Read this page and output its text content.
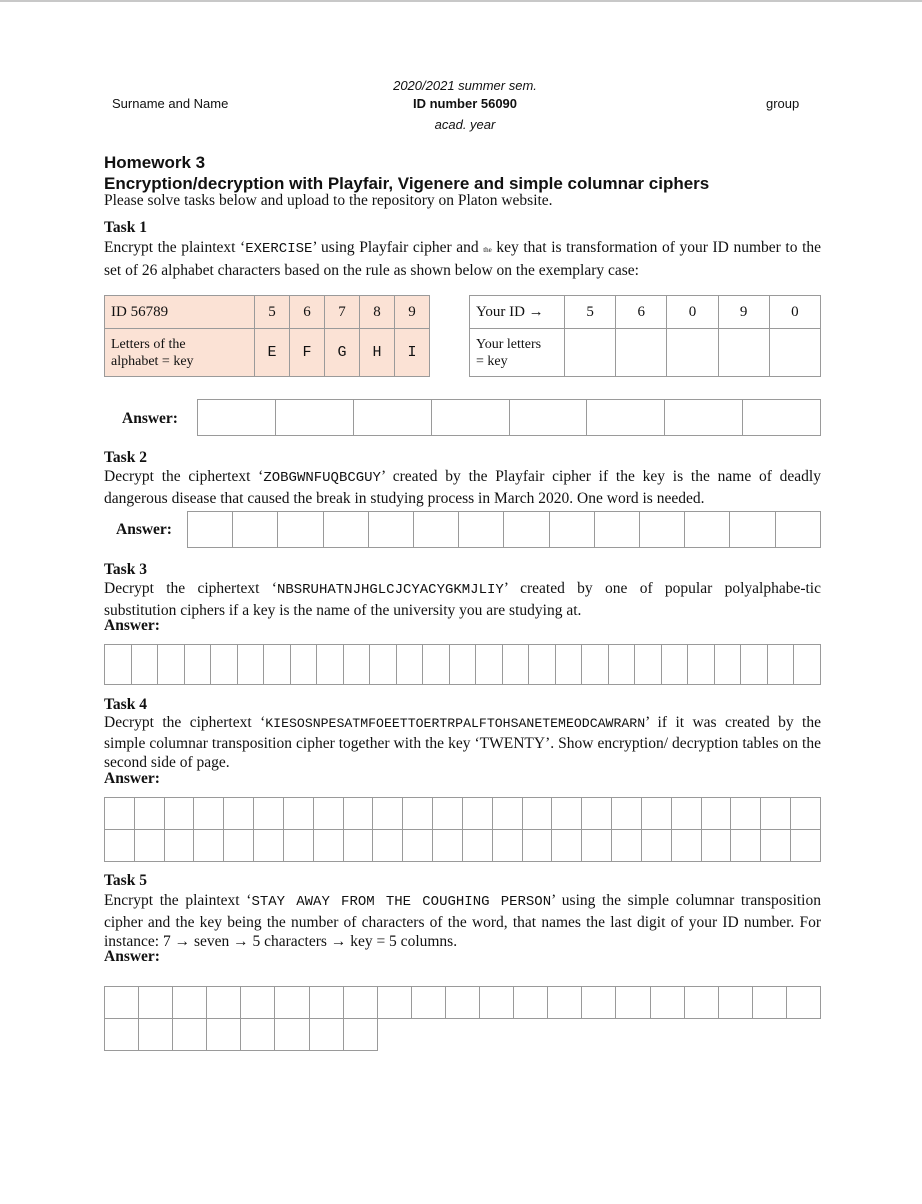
Surname and Name
2020/2021 summer sem.
ID number 56090
acad. year
group
Homework 3
Encryption/decryption with Playfair, Vigenere and simple columnar ciphers
Please solve tasks below and upload to the repository on Platon website.
Task 1
Encrypt the plaintext ‘EXERCISE’ using Playfair cipher and the key that is transformation of your ID number to the set of 26 alphabet characters based on the rule as shown below on the exemplary case:
ID 56789	5	6	7	8	9
Letters of the
alphabet = key	E	F	G	H	I
Your ID →	5	6	0	9	0
Your letters
= key					
Answer:

Task 2
Decrypt the ciphertext ‘ZOBGWNFUQBCGUY’ created by the Playfair cipher if the key is the name of deadly dangerous disease that caused the break in studying process in March 2020. One word is needed.
Answer:

Task 3
Decrypt the ciphertext ‘NBSRUHATNJHGLCJCYACYGKMJLIY’ created by one of popular polyalphabe-tic substitution ciphers if a key is the name of the university you are studying at.
Answer:

Task 4
Decrypt the ciphertext ‘KIESOSNPESATMFOEETTOERTRPALFTOHSANETEMEODCAWRARN’ if it was created by the simple columnar transposition cipher together with the key ‘TWENTY’. Show encryption/ decryption tables on the second side of page.
Answer:

Task 5
Encrypt the plaintext ‘STAY AWAY FROM THE COUGHING PERSON’ using the simple columnar transposition cipher and the key being the number of characters of the word, that names the last digit of your ID number. For instance: 7 → seven → 5 characters → key = 5 columns.
Answer:
